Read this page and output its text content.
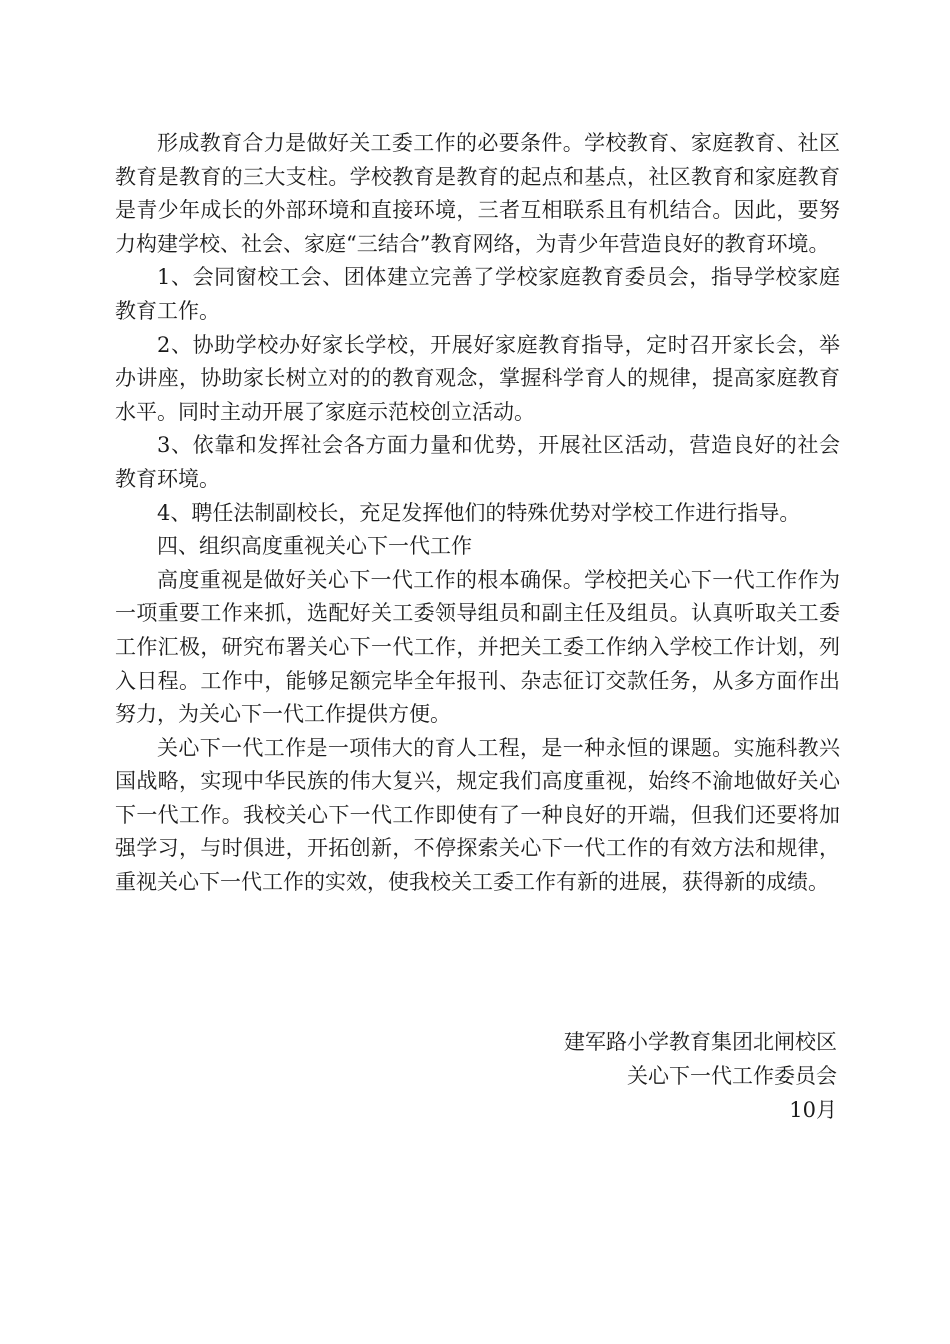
形成教育合力是做好关工委工作的必要条件。学校教育、家庭教育、社区教育是教育的三大支柱。学校教育是教育的起点和基点，社区教育和家庭教育是青少年成长的外部环境和直接环境，三者互相联系且有机结合。因此，要努力构建学校、社会、家庭“三结合”教育网络，为青少年营造良好的教育环境。

1、会同窗校工会、团体建立完善了学校家庭教育委员会，指导学校家庭教育工作。

2、协助学校办好家长学校，开展好家庭教育指导，定时召开家长会，举办讲座，协助家长树立对的的教育观念，掌握科学育人的规律，提高家庭教育水平。同时主动开展了家庭示范校创立活动。

3、依靠和发挥社会各方面力量和优势，开展社区活动，营造良好的社会教育环境。

4、聘任法制副校长，充足发挥他们的特殊优势对学校工作进行指导。

四、组织高度重视关心下一代工作

高度重视是做好关心下一代工作的根本确保。学校把关心下一代工作作为一项重要工作来抓，选配好关工委领导组员和副主任及组员。认真听取关工委工作汇极，研究布署关心下一代工作，并把关工委工作纳入学校工作计划，列入日程。工作中，能够足额完毕全年报刊、杂志征订交款任务，从多方面作出努力，为关心下一代工作提供方便。

关心下一代工作是一项伟大的育人工程，是一种永恒的课题。实施科教兴国战略，实现中华民族的伟大复兴，规定我们高度重视，始终不渝地做好关心下一代工作。我校关心下一代工作即使有了一种良好的开端，但我们还要将加强学习，与时俱进，开拓创新，不停探索关心下一代工作的有效方法和规律，重视关心下一代工作的实效，使我校关工委工作有新的进展，获得新的成绩。

建军路小学教育集团北闸校区
关心下一代工作委员会
10月
